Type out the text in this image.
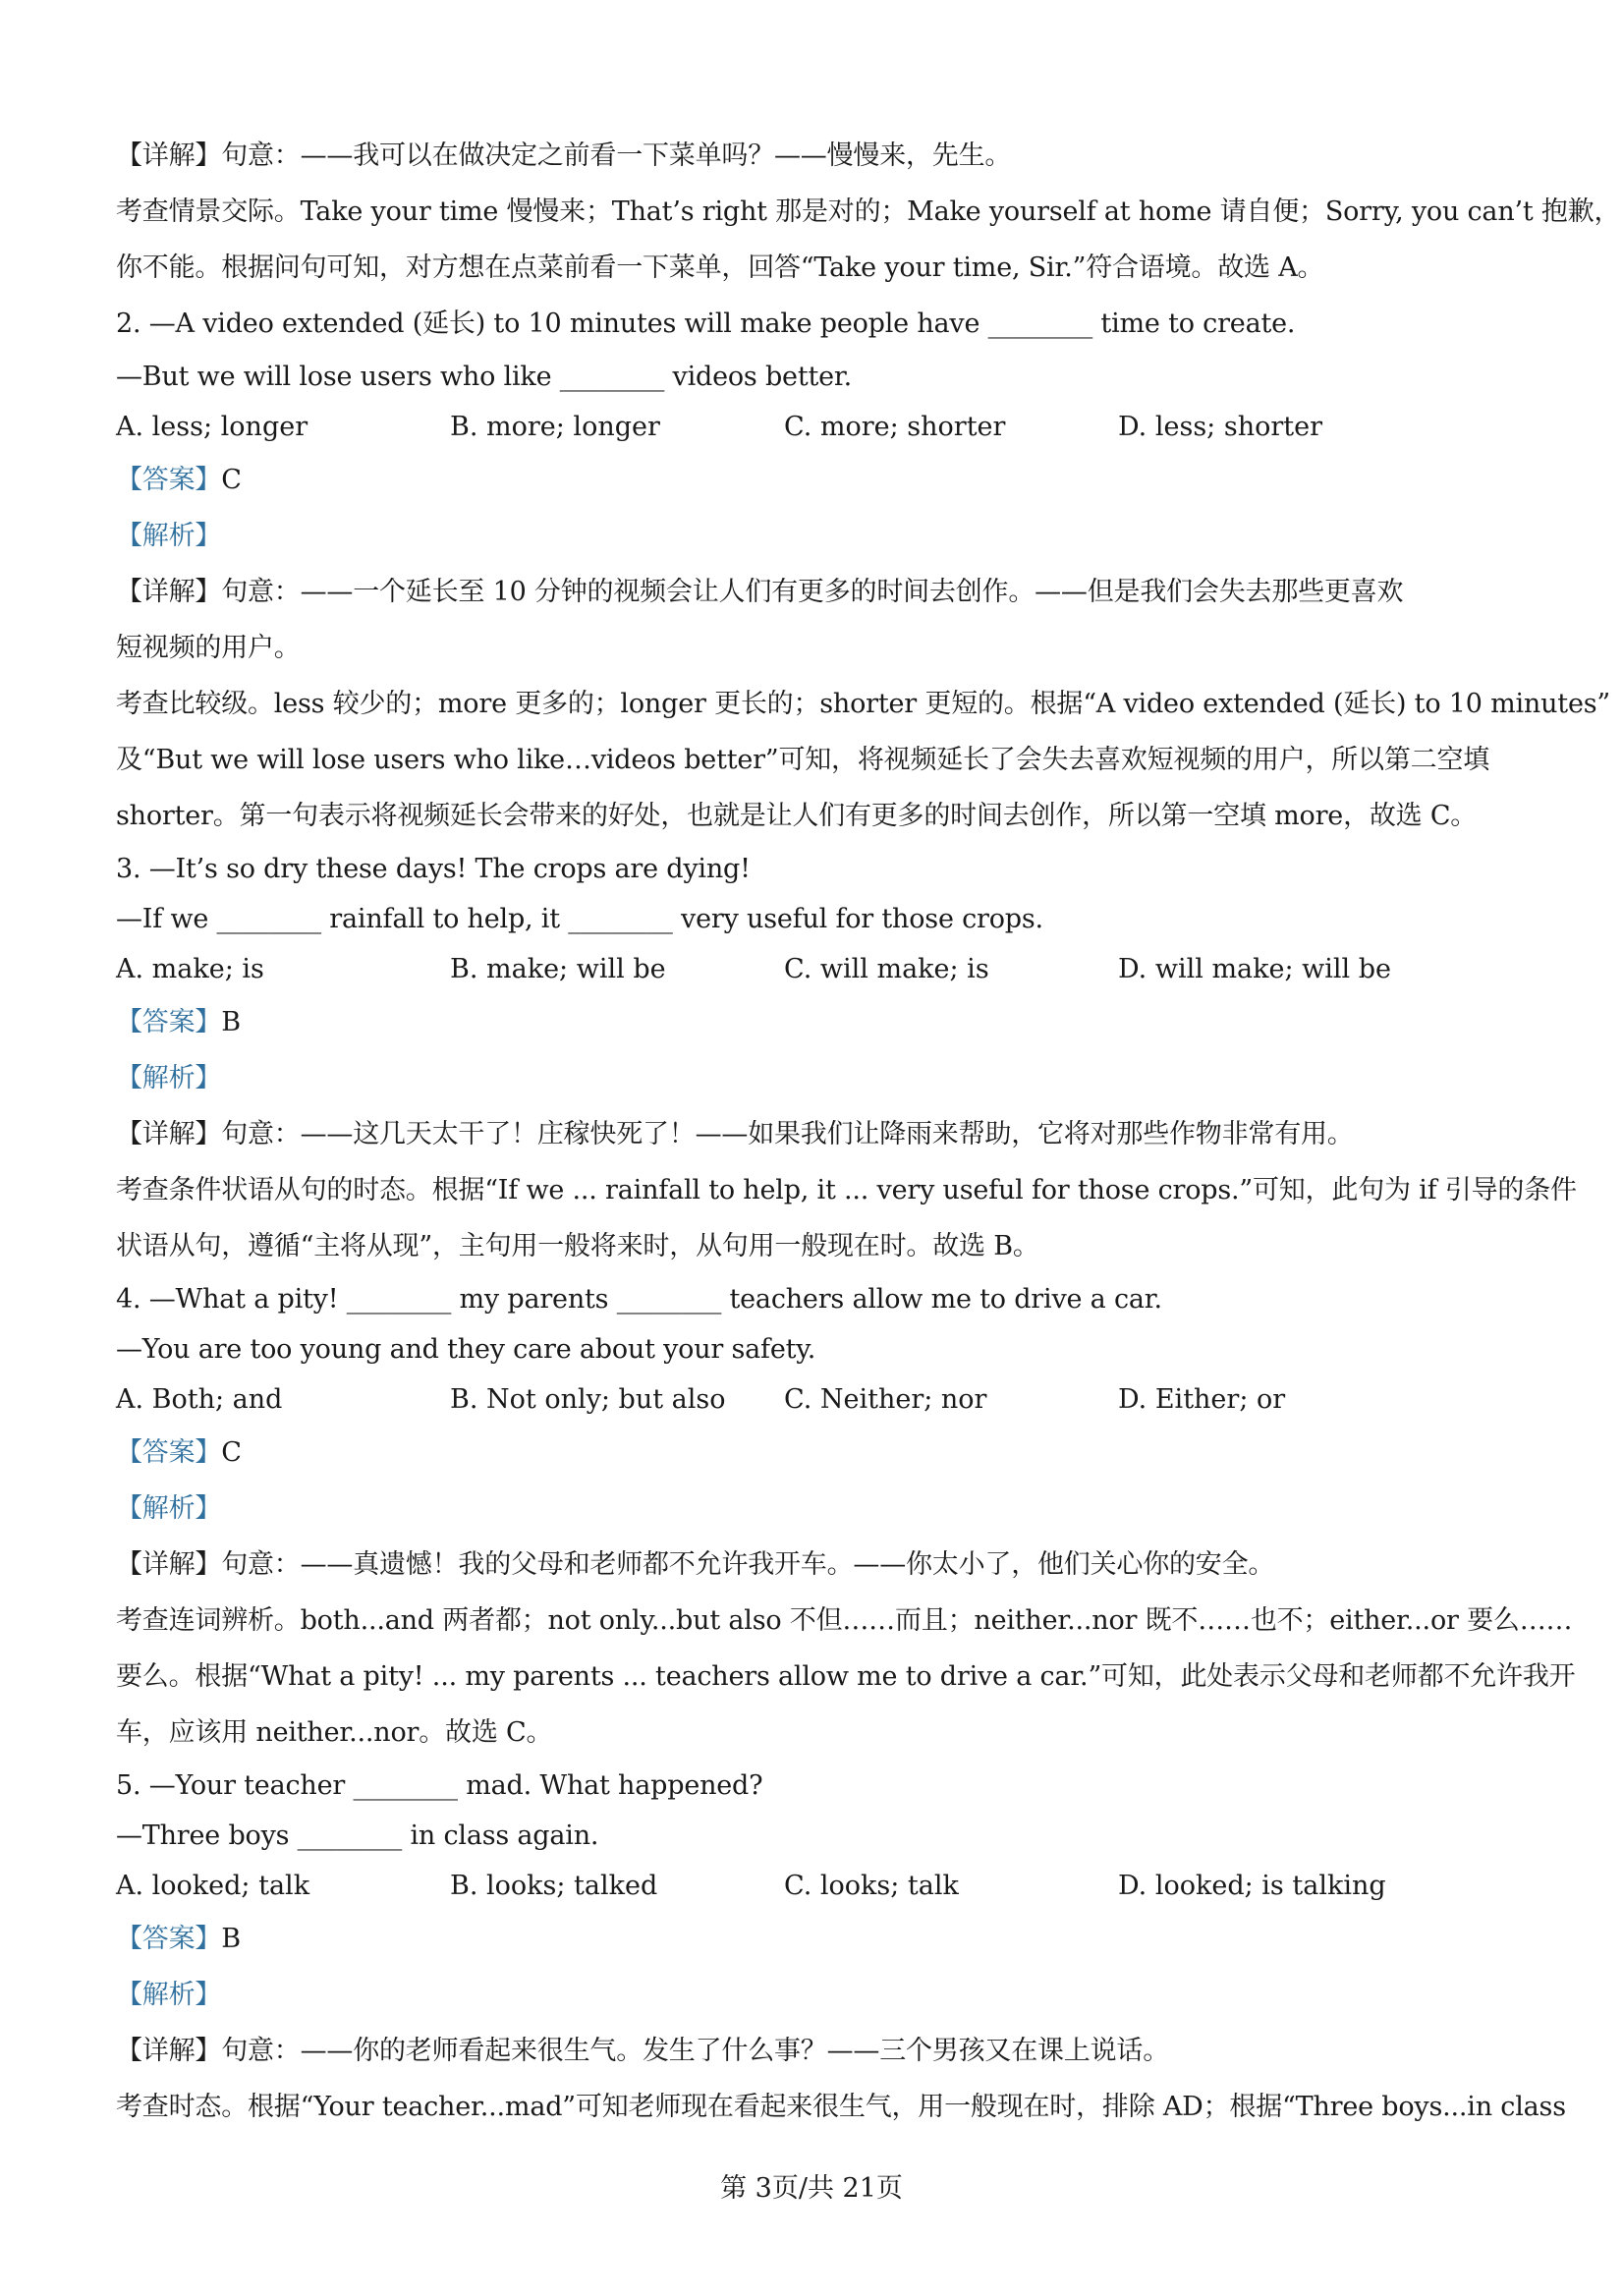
【详解】句意：——我可以在做决定之前看一下菜单吗？——慢慢来，先生。
考查情景交际。Take your time 慢慢来；That’s right 那是对的；Make yourself at home 请自便；Sorry, you can’t 抱歉，
你不能。根据问句可知，对方想在点菜前看一下菜单，回答“Take your time, Sir.”符合语境。故选 A。
2. —A video extended (延长) to 10 minutes will make people have ________ time to create.
—But we will lose users who like ________ videos better.
A. less; longer	B. more; longer	C. more; shorter	D. less; shorter
【答案】C
【解析】
【详解】句意：——一个延长至 10 分钟的视频会让人们有更多的时间去创作。——但是我们会失去那些更喜欢
短视频的用户。
考查比较级。less 较少的；more 更多的；longer 更长的；shorter 更短的。根据“A video extended (延长) to 10 minutes”
及“But we will lose users who like…videos better”可知，将视频延长了会失去喜欢短视频的用户，所以第二空填
shorter。第一句表示将视频延长会带来的好处，也就是让人们有更多的时间去创作，所以第一空填 more，故选 C。
3. —It’s so dry these days! The crops are dying!
—If we ________ rainfall to help, it ________ very useful for those crops.
A. make; is	B. make; will be	C. will make; is	D. will make; will be
【答案】B
【解析】
【详解】句意：——这几天太干了！庄稼快死了！——如果我们让降雨来帮助，它将对那些作物非常有用。
考查条件状语从句的时态。根据“If we ... rainfall to help, it ... very useful for those crops.”可知，此句为 if 引导的条件
状语从句，遵循“主将从现”，主句用一般将来时，从句用一般现在时。故选 B。
4. —What a pity! ________ my parents ________ teachers allow me to drive a car.
—You are too young and they care about your safety.
A. Both; and	B. Not only; but also	C. Neither; nor	D. Either; or
【答案】C
【解析】
【详解】句意：——真遗憾！我的父母和老师都不允许我开车。——你太小了，他们关心你的安全。
考查连词辨析。both...and 两者都；not only...but also 不但……而且；neither...nor 既不……也不；either...or 要么……
要么。根据“What a pity! ... my parents ... teachers allow me to drive a car.”可知，此处表示父母和老师都不允许我开
车，应该用 neither...nor。故选 C。
5. —Your teacher ________ mad. What happened?
—Three boys ________ in class again.
A. looked; talk	B. looks; talked	C. looks; talk	D. looked; is talking
【答案】B
【解析】
【详解】句意：——你的老师看起来很生气。发生了什么事？——三个男孩又在课上说话。
考查时态。根据“Your teacher...mad”可知老师现在看起来很生气，用一般现在时，排除 AD；根据“Three boys...in class
第 3页/共 21页
